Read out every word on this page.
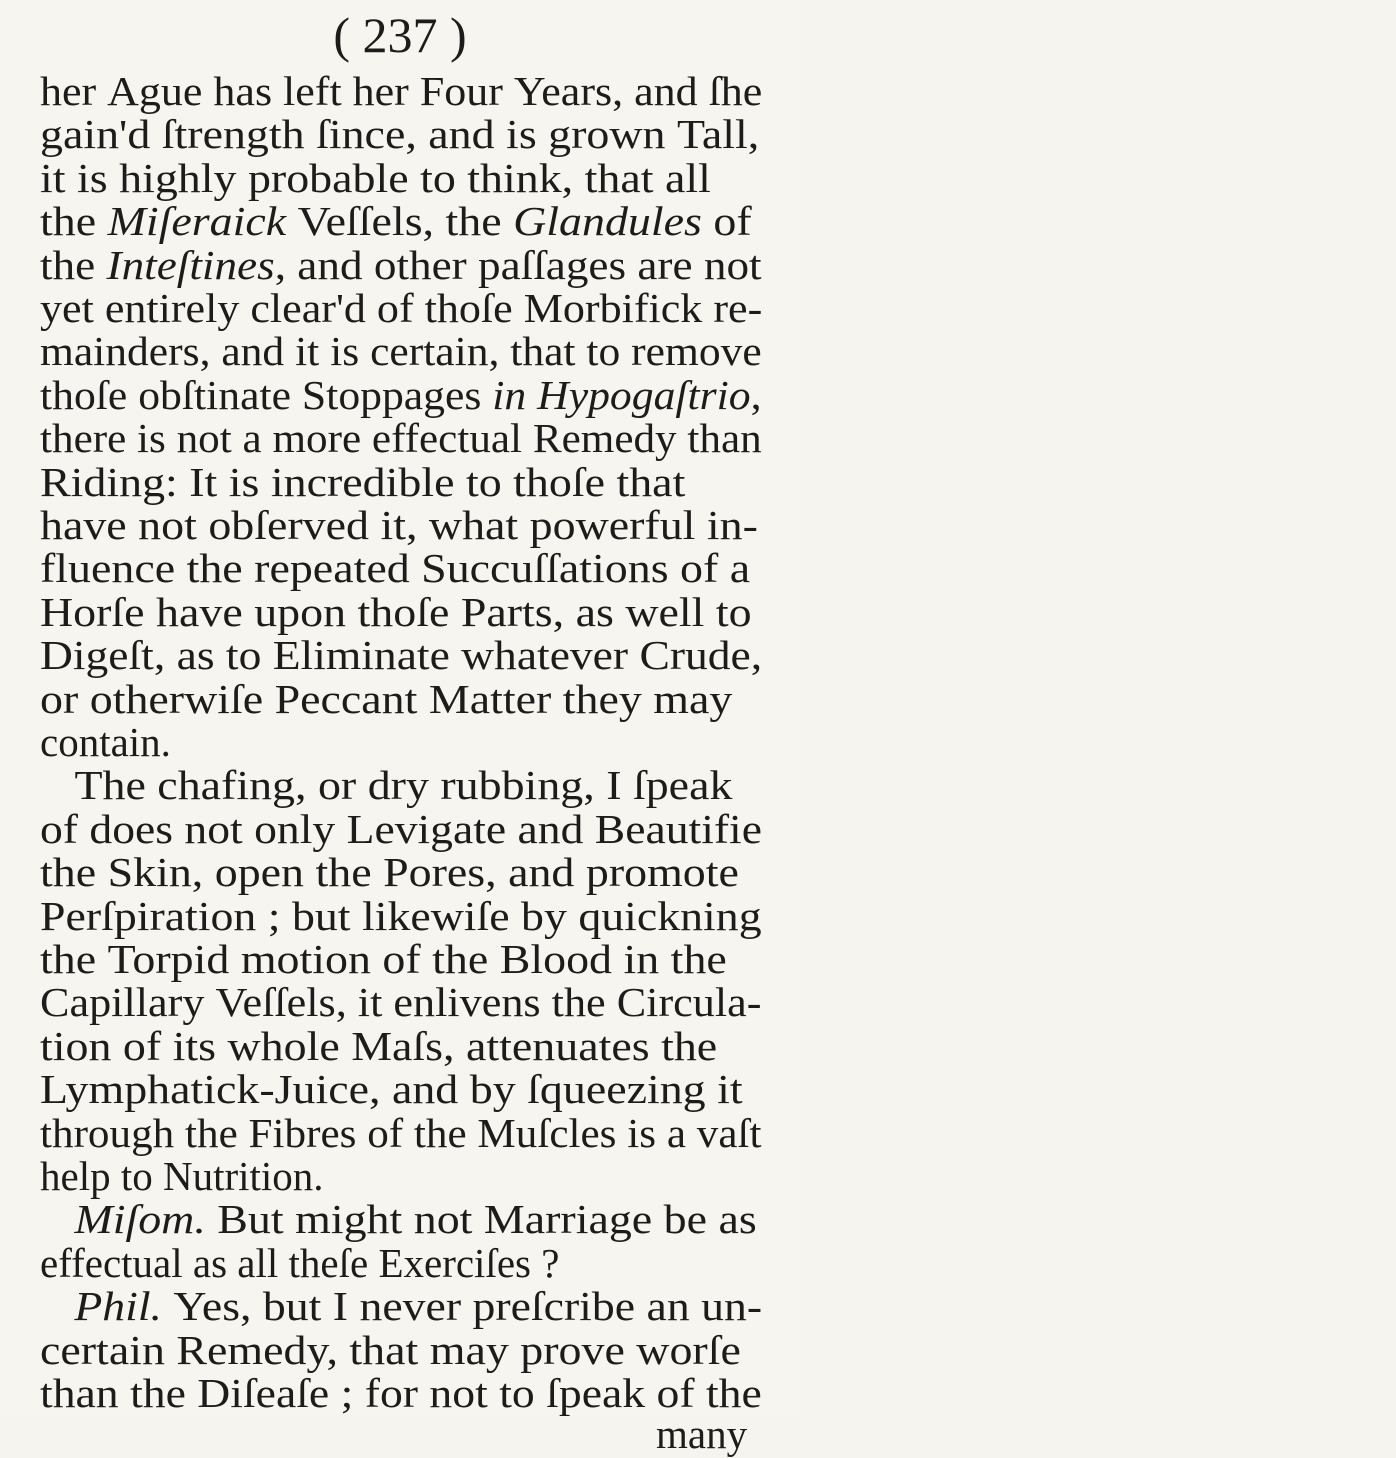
( 237 )
her Ague has left her Four Years, and ſhe
gain'd ſtrength ſince, and is grown Tall,
it is highly probable to think, that all
the Miſeraick Veſſels, the Glandules of
the Inteſtines, and other paſſages are not
yet entirely clear'd of thoſe Morbifick re-
mainders, and it is certain, that to remove
thoſe obſtinate Stoppages in Hypogaſtrio,
there is not a more effectual Remedy than
Riding: It is incredible to thoſe that
have not obſerved it, what powerful in-
fluence the repeated Succuſſations of a
Horſe have upon thoſe Parts, as well to
Digeſt, as to Eliminate whatever Crude,
or otherwiſe Peccant Matter they may
contain.
The chafing, or dry rubbing, I ſpeak
of does not only Levigate and Beautifie
the Skin, open the Pores, and promote
Perſpiration ; but likewiſe by quickning
the Torpid motion of the Blood in the
Capillary Veſſels, it enlivens the Circula-
tion of its whole Maſs, attenuates the
Lymphatick-Juice, and by ſqueezing it
through the Fibres of the Muſcles is a vaſt
help to Nutrition.
Miſom. But might not Marriage be as
effectual as all theſe Exerciſes ?
Phil. Yes, but I never preſcribe an un-
certain Remedy, that may prove worſe
than the Diſeaſe ; for not to ſpeak of the
many
